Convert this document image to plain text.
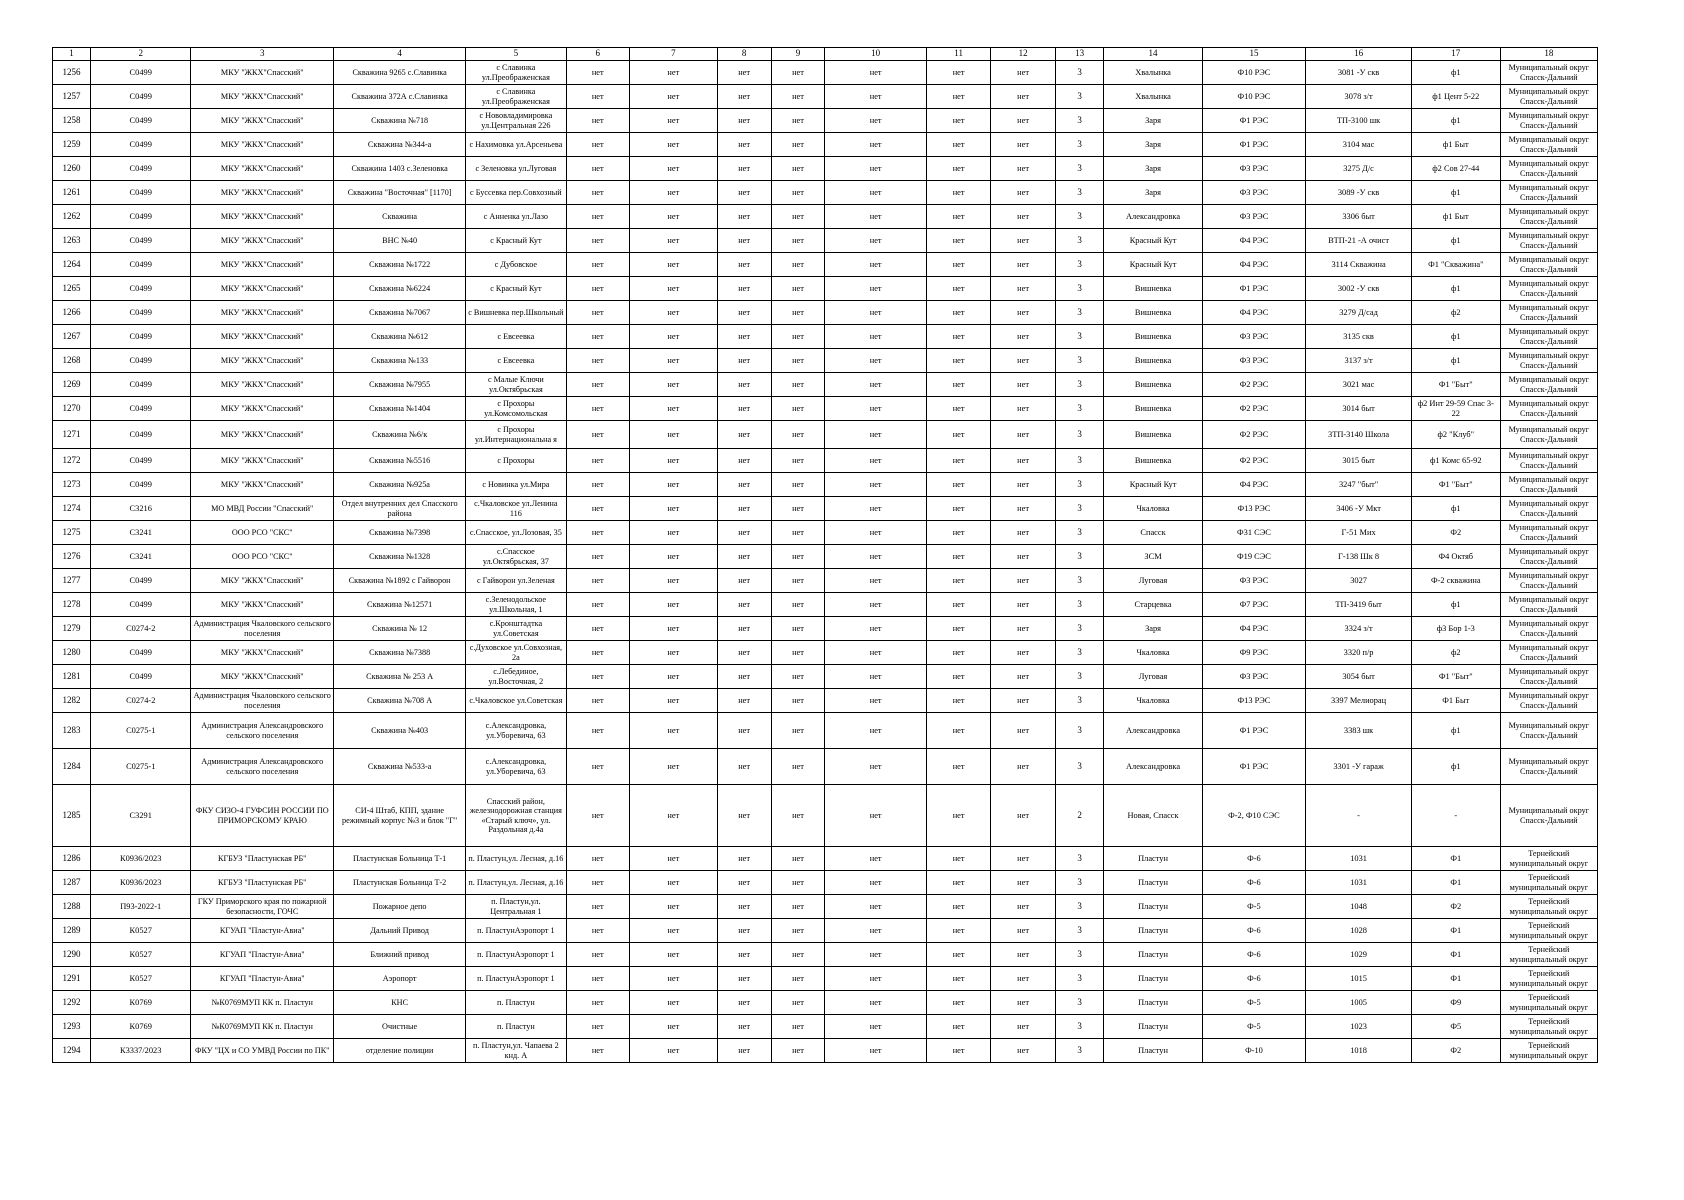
1	2	3	4	5	6	7	8	9	10	11	12	13	14	15	16	17	18
1256	С0499	МКУ "ЖКХ"Спасский"	Скважина 9265 с.Славинка	с Славинка ул.Преображенская	нет	нет	нет	нет	нет	нет	нет	3	Хвалынка	Ф10 РЭС	3081 -У скв	ф1	Муниципальный округ Спасск-Дальний
1257	С0499	МКУ "ЖКХ"Спасский"	Скважина 372А с.Славинка	с Славинка ул.Преображенская	нет	нет	нет	нет	нет	нет	нет	3	Хвалынка	Ф10 РЭС	3078 з/т	ф1 Цент 5-22	Муниципальный округ Спасск-Дальний
1258	С0499	МКУ "ЖКХ"Спасский"	Скважина №718	с Нововладимировка ул.Центральная 226	нет	нет	нет	нет	нет	нет	нет	3	Заря	Ф1 РЭС	ТП-3100 шк	ф1	Муниципальный округ Спасск-Дальний
1259	С0499	МКУ "ЖКХ"Спасский"	Скважина №344-а	с Нахимовка ул.Арсеньева	нет	нет	нет	нет	нет	нет	нет	3	Заря	Ф1 РЭС	3104 мас	ф1 Быт	Муниципальный округ Спасск-Дальний
1260	С0499	МКУ "ЖКХ"Спасский"	Скважина 1403 с.Зеленовка	с Зеленовка ул.Луговая	нет	нет	нет	нет	нет	нет	нет	3	Заря	Ф3 РЭС	3275 Д/с	ф2 Сов 27-44	Муниципальный округ Спасск-Дальний
1261	С0499	МКУ "ЖКХ"Спасский"	Скважина "Восточная" [1170]	с Буссевка пер.Совхозный	нет	нет	нет	нет	нет	нет	нет	3	Заря	Ф3 РЭС	3089 -У скв	ф1	Муниципальный округ Спасск-Дальний
1262	С0499	МКУ "ЖКХ"Спасский"	Скважина	с Анненка ул.Лазо	нет	нет	нет	нет	нет	нет	нет	3	Александровка	Ф3 РЭС	3306 быт	ф1 Быт	Муниципальный округ Спасск-Дальний
1263	С0499	МКУ "ЖКХ"Спасский"	ВНС №40	с Красный Кут	нет	нет	нет	нет	нет	нет	нет	3	Красный Кут	Ф4 РЭС	ВТП-21 -А очист	ф1	Муниципальный округ Спасск-Дальний
1264	С0499	МКУ "ЖКХ"Спасский"	Скважина №1722	с Дубовское	нет	нет	нет	нет	нет	нет	нет	3	Красный Кут	Ф4 РЭС	3114 Скважина	Ф1 "Скважина"	Муниципальный округ Спасск-Дальний
1265	С0499	МКУ "ЖКХ"Спасский"	Скважина №6224	с Красный Кут	нет	нет	нет	нет	нет	нет	нет	3	Вишневка	Ф1 РЭС	3002 -У скв	ф1	Муниципальный округ Спасск-Дальний
1266	С0499	МКУ "ЖКХ"Спасский"	Скважина №7067	с Вишневка пер.Школьный	нет	нет	нет	нет	нет	нет	нет	3	Вишневка	Ф4 РЭС	3279 Д/сад	ф2	Муниципальный округ Спасск-Дальний
1267	С0499	МКУ "ЖКХ"Спасский"	Скважина №612	с Евсеевка	нет	нет	нет	нет	нет	нет	нет	3	Вишневка	Ф3 РЭС	3135 скв	ф1	Муниципальный округ Спасск-Дальний
1268	С0499	МКУ "ЖКХ"Спасский"	Скважина №133	с Евсеевка	нет	нет	нет	нет	нет	нет	нет	3	Вишневка	Ф3 РЭС	3137 з/т	ф1	Муниципальный округ Спасск-Дальний
1269	С0499	МКУ "ЖКХ"Спасский"	Скважина №7955	с Малые Ключи ул.Октябрьская	нет	нет	нет	нет	нет	нет	нет	3	Вишневка	Ф2 РЭС	3021 мас	Ф1 "Быт"	Муниципальный округ Спасск-Дальний
1270	С0499	МКУ "ЖКХ"Спасский"	Скважина №1404	с Прохоры ул.Комсомольская	нет	нет	нет	нет	нет	нет	нет	3	Вишневка	Ф2 РЭС	3014 быт	ф2 Инт 29-59 Спас 3-22	Муниципальный округ Спасск-Дальний
1271	С0499	МКУ "ЖКХ"Спасский"	Скважина №6/к	с Прохоры ул.Интернациональна я	нет	нет	нет	нет	нет	нет	нет	3	Вишневка	Ф2 РЭС	3ТП-3140 Школа	ф2 "Клуб"	Муниципальный округ Спасск-Дальний
1272	С0499	МКУ "ЖКХ"Спасский"	Скважина №5516	с Прохоры	нет	нет	нет	нет	нет	нет	нет	3	Вишневка	Ф2 РЭС	3015 быт	ф1 Комс 65-92	Муниципальный округ Спасск-Дальний
1273	С0499	МКУ "ЖКХ"Спасский"	Скважина №925а	с Новинка ул.Мира	нет	нет	нет	нет	нет	нет	нет	3	Красный Кут	Ф4 РЭС	3247 "быт"	Ф1 "Быт"	Муниципальный округ Спасск-Дальний
1274	С3216	МО МВД России "Спасский"	Отдел внутренних дел Спасского района	с.Чкаловское ул.Ленина 116	нет	нет	нет	нет	нет	нет	нет	3	Чкаловка	Ф13 РЭС	3406 -У Мкт	ф1	Муниципальный округ Спасск-Дальний
1275	С3241	ООО РСО "СКС"	Скважина №7398	с.Спасское, ул.Лозовая, 35	нет	нет	нет	нет	нет	нет	нет	3	Спасск	Ф31 СЭС	Г-51 Мих	Ф2	Муниципальный округ Спасск-Дальний
1276	С3241	ООО РСО "СКС"	Скважина №1328	с.Спасское ул.Октябрьская, 37	нет	нет	нет	нет	нет	нет	нет	3	ЗСМ	Ф19 СЭС	Г-138 Шк 8	Ф4 Октяб	Муниципальный округ Спасск-Дальний
1277	С0499	МКУ "ЖКХ"Спасский"	Скважина №1892 с Гайворон	с Гайворон ул.Зеленая	нет	нет	нет	нет	нет	нет	нет	3	Луговая	Ф3 РЭС	3027	Ф-2 скважина	Муниципальный округ Спасск-Дальний
1278	С0499	МКУ "ЖКХ"Спасский"	Скважина №12571	с.Зеленодольское ул.Школьная, 1	нет	нет	нет	нет	нет	нет	нет	3	Старцевка	Ф7 РЭС	ТП-3419 быт	ф1	Муниципальный округ Спасск-Дальний
1279	С0274-2	Администрация Чкаловского сельского поселения	Скважина № 12	с.Кронштадтка ул.Советская	нет	нет	нет	нет	нет	нет	нет	3	Заря	Ф4 РЭС	3324 з/т	ф3 Бор 1-3	Муниципальный округ Спасск-Дальний
1280	С0499	МКУ "ЖКХ"Спасский"	Скважина №7388	с.Духовское ул.Совхозная, 2а	нет	нет	нет	нет	нет	нет	нет	3	Чкаловка	Ф9 РЭС	3320 п/р	ф2	Муниципальный округ Спасск-Дальний
1281	С0499	МКУ "ЖКХ"Спасский"	Скважина № 253 А	с.Лебединое, ул.Восточная, 2	нет	нет	нет	нет	нет	нет	нет	3	Луговая	Ф3 РЭС	3054 быт	Ф1 "Быт"	Муниципальный округ Спасск-Дальний
1282	С0274-2	Администрация Чкаловского сельского поселения	Скважина №708 А	с.Чкаловское ул.Советская	нет	нет	нет	нет	нет	нет	нет	3	Чкаловка	Ф13 РЭС	3397 Мелиорац	Ф1 Быт	Муниципальный округ Спасск-Дальний
1283	С0275-1	Администрация Александровского сельского поселения	Скважина №403	с.Александровка, ул.Уборевича, 63	нет	нет	нет	нет	нет	нет	нет	3	Александровка	Ф1 РЭС	3383 шк	ф1	Муниципальный округ Спасск-Дальний
1284	С0275-1	Администрация Александровского сельского поселения	Скважина №533-а	с.Александровка, ул.Уборевича, 63	нет	нет	нет	нет	нет	нет	нет	3	Александровка	Ф1 РЭС	3301 -У гараж	ф1	Муниципальный округ Спасск-Дальний
1285	С3291	ФКУ СИЗО-4 ГУФСИН РОССИИ ПО ПРИМОРСКОМУ КРАЮ	СИ-4 Штаб, КПП, здание режимный корпус №3 и блок "Г"	Спасский район, железнодорожная станция «Старый ключ», ул. Раздольная д.4а	нет	нет	нет	нет	нет	нет	нет	2	Новая, Спасск	Ф-2, Ф10 СЭС	-	-	Муниципальный округ Спасск-Дальний
1286	К0936/2023	КГБУЗ "Пластунская РБ"	Пластунская Больница Т-1	п. Пластун,ул. Лесная, д.16	нет	нет	нет	нет	нет	нет	нет	3	Пластун	Ф-6	1031	Ф1	Тернейский муниципальный округ
1287	К0936/2023	КГБУЗ "Пластунская РБ"	Пластунская Больница Т-2	п. Пластун,ул. Лесная, д.16	нет	нет	нет	нет	нет	нет	нет	3	Пластун	Ф-6	1031	Ф1	Тернейский муниципальный округ
1288	П93-2022-1	ГКУ Приморского края по пожарной безопасности, ГОЧС	Пожарное депо	п. Пластун,ул. Центральная 1	нет	нет	нет	нет	нет	нет	нет	3	Пластун	Ф-5	1048	Ф2	Тернейский муниципальный округ
1289	К0527	КГУАП "Пластун-Авиа"	Дальний Привод	п. ПластунАэропорт 1	нет	нет	нет	нет	нет	нет	нет	3	Пластун	Ф-6	1028	Ф1	Тернейский муниципальный округ
1290	К0527	КГУАП "Пластун-Авиа"	Ближний привод	п. ПластунАэропорт 1	нет	нет	нет	нет	нет	нет	нет	3	Пластун	Ф-6	1029	Ф1	Тернейский муниципальный округ
1291	К0527	КГУАП "Пластун-Авиа"	Аэропорт	п. ПластунАэропорт 1	нет	нет	нет	нет	нет	нет	нет	3	Пластун	Ф-6	1015	Ф1	Тернейский муниципальный округ
1292	К0769	№К0769МУП КК п. Пластун	КНС	п. Пластун	нет	нет	нет	нет	нет	нет	нет	3	Пластун	Ф-5	1005	Ф9	Тернейский муниципальный округ
1293	К0769	№К0769МУП КК п. Пластун	Очистные	п. Пластун	нет	нет	нет	нет	нет	нет	нет	3	Пластун	Ф-5	1023	Ф5	Тернейский муниципальный округ
1294	К3337/2023	ФКУ "ЦХ и СО УМВД России по ПК"	отделение полиции	п. Пластун,ул. Чапаева 2 кнд. А	нет	нет	нет	нет	нет	нет	нет	3	Пластун	Ф-10	1018	Ф2	Тернейский муниципальный округ
